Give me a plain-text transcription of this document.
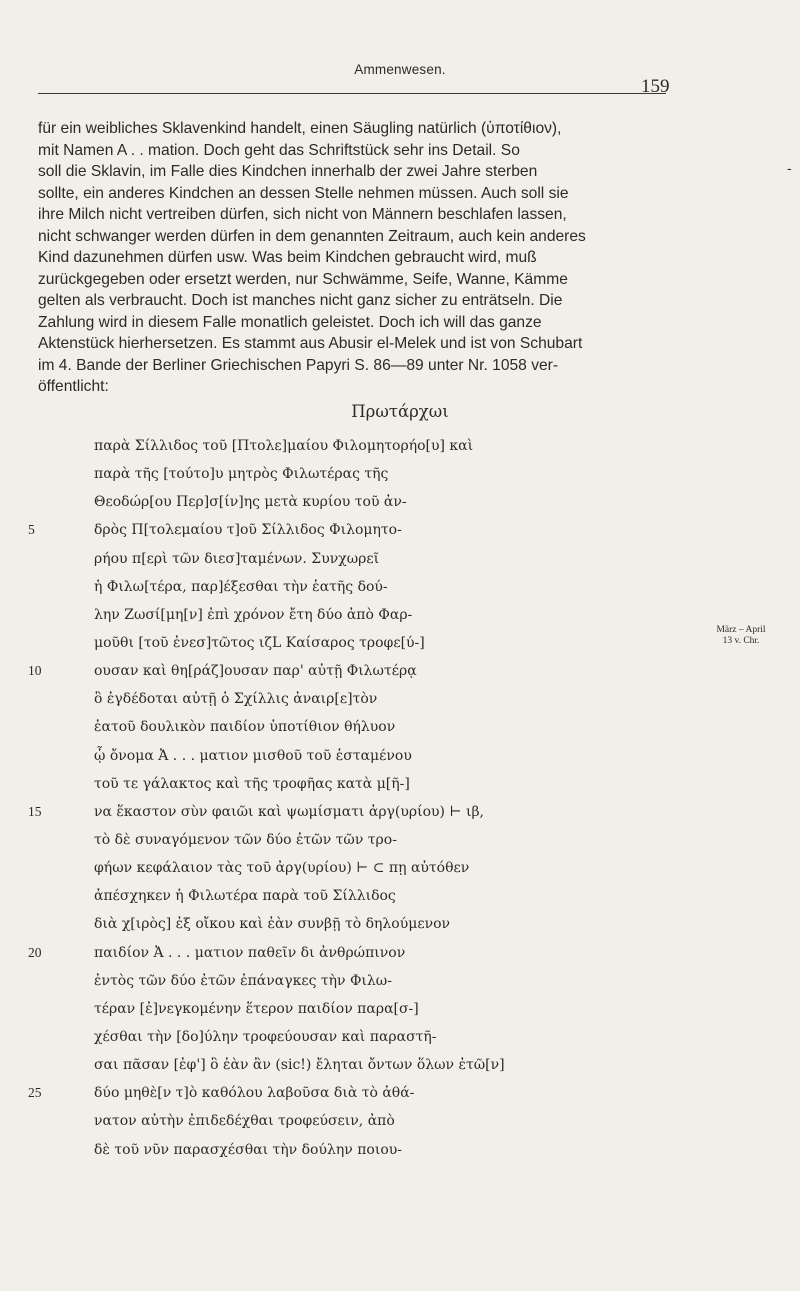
Ammenwesen.
159
-
für ein weibliches Sklavenkind handelt, einen Säugling natürlich (ὑποτίθιον),
mit Namen A . . mation. Doch geht das Schriftstück sehr ins Detail. So
soll die Sklavin, im Falle dies Kindchen innerhalb der zwei Jahre sterben
sollte, ein anderes Kindchen an dessen Stelle nehmen müssen. Auch soll sie
ihre Milch nicht vertreiben dürfen, sich nicht von Männern beschlafen lassen,
nicht schwanger werden dürfen in dem genannten Zeitraum, auch kein anderes
Kind dazunehmen dürfen usw. Was beim Kindchen gebraucht wird, muß
zurückgegeben oder ersetzt werden, nur Schwämme, Seife, Wanne, Kämme
gelten als verbraucht. Doch ist manches nicht ganz sicher zu enträtseln. Die
Zahlung wird in diesem Falle monatlich geleistet. Doch ich will das ganze
Aktenstück hierhersetzen. Es stammt aus Abusir el-Melek und ist von Schubart
im 4. Bande der Berliner Griechischen Papyri S. 86—89 unter Nr. 1058 ver-
öffentlicht:
Πρωτάρχωι
παρὰ Σίλλιδος τοῦ [Πτολε]μαίου Φιλομητορήο[υ] καὶ
παρὰ τῆς [τούτο]υ μητρὸς Φιλωτέρας τῆς
Θεοδώρ[ου Περ]σ[ίν]ης μετὰ κυρίου τοῦ ἀν-
5	δρὸς Π[τολεμαίου τ]οῦ Σίλλιδος Φιλομητο-
ρήου π[ερὶ τῶν διεσ]ταμένων. Συνχωρεῖ
ἡ Φιλω[τέρα, παρ]έξεσθαι τὴν ἑατῆς δού-
λην Ζωσί[μη[ν] ἐπὶ χρόνον ἔτη δύο ἀπὸ Φαρ-
μοῦθι [τοῦ ἐνεσ]τῶτος ιζL Καίσαρος τροφε[ύ-]
10	ουσαν καὶ θη[ράζ]ουσαν παρ' αὐτῇ Φιλωτέρᾳ
ὃ ἐγδέδοται αὐτῇ ὁ Σχίλλις ἀναιρ[ε]τὸν
ἑατοῦ δουλικὸν παιδίον ὑποτίθιον θήλυον
ᾧ ὄνομα Ἀ . . . ματιον μισθοῦ τοῦ ἑσταμένου
τοῦ τε γάλακτος καὶ τῆς τροφῆας κατὰ μ[ῆ-]
15	να ἕκαστον σὺν φαιῶι καὶ ψωμίσματι ἀργ(υρίου) ⊢ ιβ,
τὸ δὲ συναγόμενον τῶν δύο ἐτῶν τῶν τρο-
φήων κεφάλαιον τὰς τοῦ ἀργ(υρίου) ⊢ ⊂ πῃ αὐτόθεν
ἀπέσχηκεν ἡ Φιλωτέρα παρὰ τοῦ Σίλλιδος
διὰ χ[ιρὸς] ἐξ οἴκου καὶ ἐὰν συνβῇ τὸ δηλούμενον
20	παιδίον Ἀ . . . ματιον παθεῖν δι ἀνθρώπινον
ἐντὸς τῶν δύο ἐτῶν ἐπάναγκες τὴν Φιλω-
τέραν [ἐ]νεγκομένην ἕτερον παιδίον παρα[σ-]
χέσθαι τὴν [δο]ύλην τροφεύουσαν καὶ παραστῆ-
σαι πᾶσαν [ἐφ'] ὃ ἐὰν ἂν (sic!) ἔληται ὄντων ὅλων ἐτῶ[ν]
25	δύο μηθὲ[ν τ]ὸ καθόλου λαβοῦσα διὰ τὸ ἀθά-
νατον αὐτὴν ἐπιδεδέχθαι τροφεύσειν, ἀπὸ
δὲ τοῦ νῦν παρασχέσθαι τὴν δούλην ποιου-
März – April
13 v. Chr.
